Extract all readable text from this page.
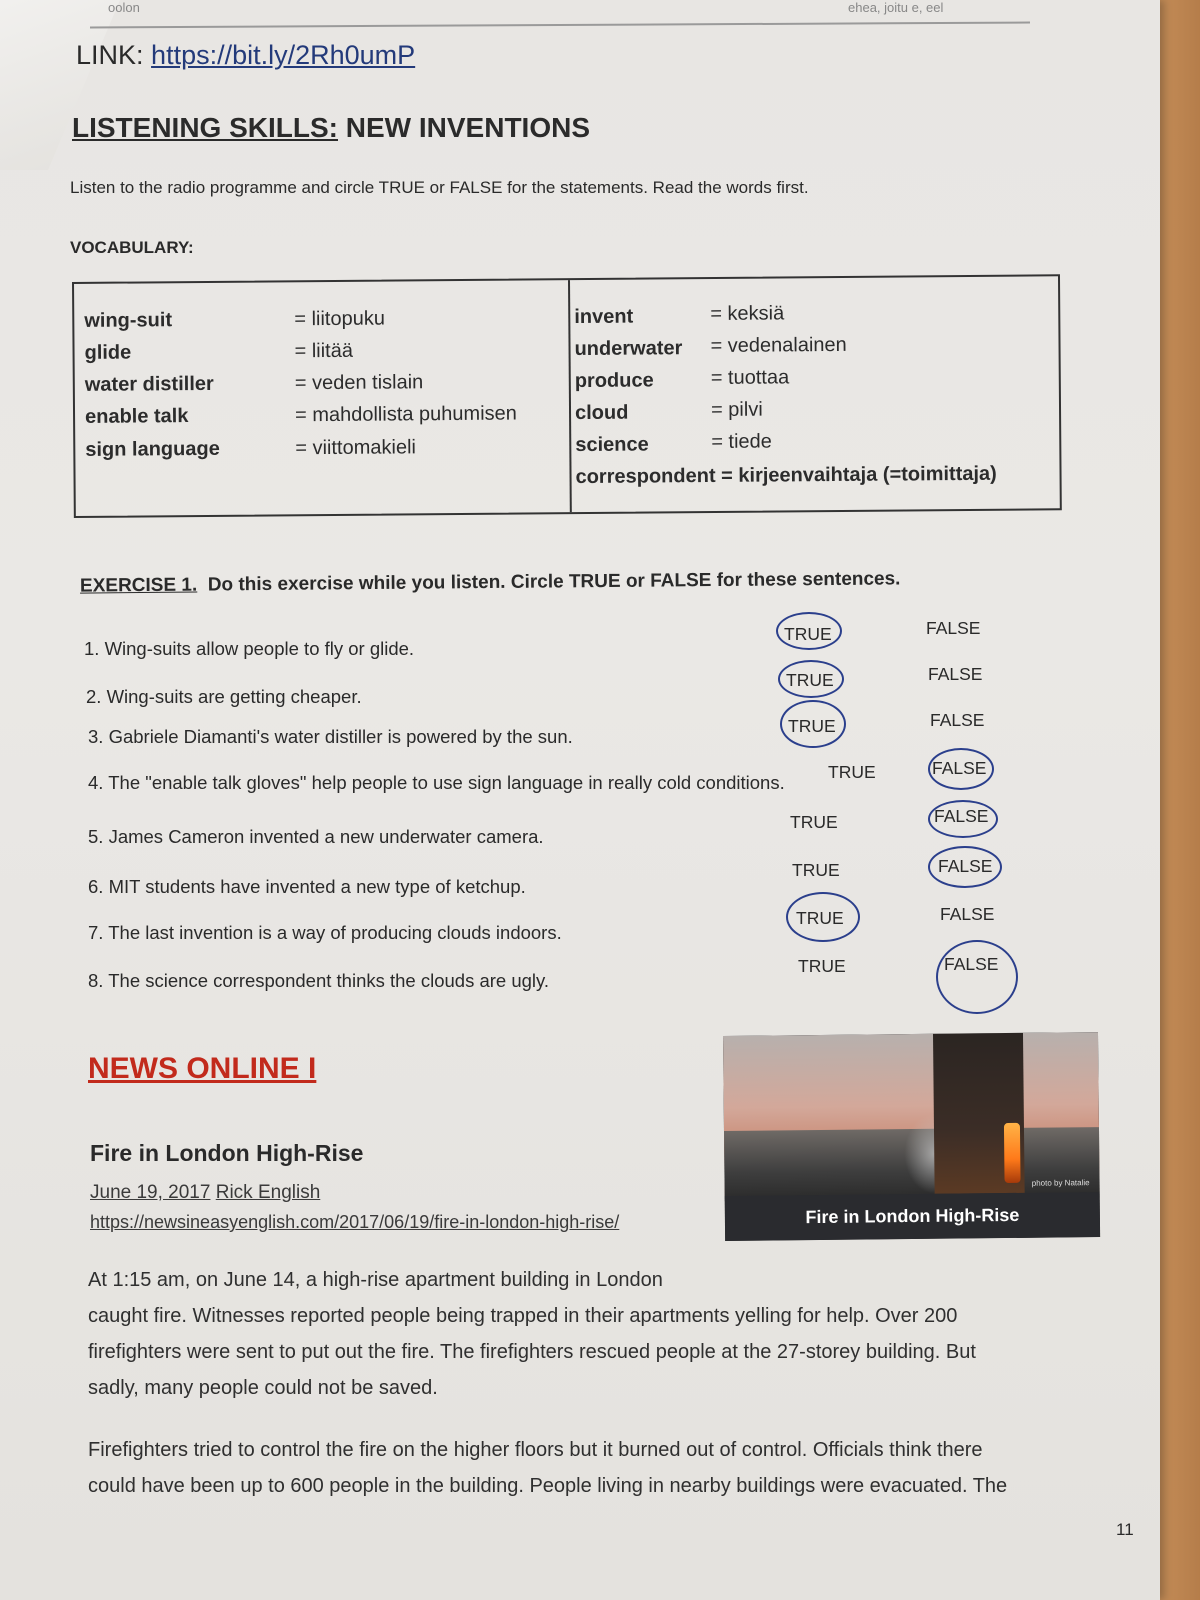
oolon	ehea, joitu e, eel
LINK: https://bit.ly/2Rh0umP
LISTENING SKILLS: NEW INVENTIONS
Listen to the radio programme and circle TRUE or FALSE for the statements. Read the words first.
VOCABULARY:
wing-suit	= liitopuku
glide	= liitää
water distiller	= veden tislain
enable talk	= mahdollista puhumisen
sign language	= viittomakieli
invent	= keksiä
underwater = vedenalainen
produce	= tuottaa
cloud	= pilvi
science	= tiede
correspondent = kirjeenvaihtaja (=toimittaja)
EXERCISE 1. Do this exercise while you listen. Circle TRUE or FALSE for these sentences.
1. Wing-suits allow people to fly or glide.
TRUE	FALSE
2. Wing-suits are getting cheaper.
TRUE	FALSE
3. Gabriele Diamanti's water distiller is powered by the sun.	TRUE	FALSE
4. The "enable talk gloves" help people to use sign language in really cold conditions. TRUE	FALSE
5. James Cameron invented a new underwater camera.
TRUE	FALSE
6. MIT students have invented a new type of ketchup.
TRUE	FALSE
7. The last invention is a way of producing clouds indoors.
TRUE	FALSE
8. The science correspondent thinks the clouds are ugly.
TRUE	FALSE
NEWS ONLINE I
photo by Natalie
Fire in London High-Rise
Fire in London High-Rise
June 19, 2017 Rick English
https://newsineasyenglish.com/2017/06/19/fire-in-london-high-rise/
At 1:15 am, on June 14, a high-rise apartment building in London
caught fire. Witnesses reported people being trapped in their apartments yelling for help. Over 200
firefighters were sent to put out the fire. The firefighters rescued people at the 27-storey building. But
sadly, many people could not be saved.
Firefighters tried to control the fire on the higher floors but it burned out of control. Officials think there
could have been up to 600 people in the building. People living in nearby buildings were evacuated. The
11
